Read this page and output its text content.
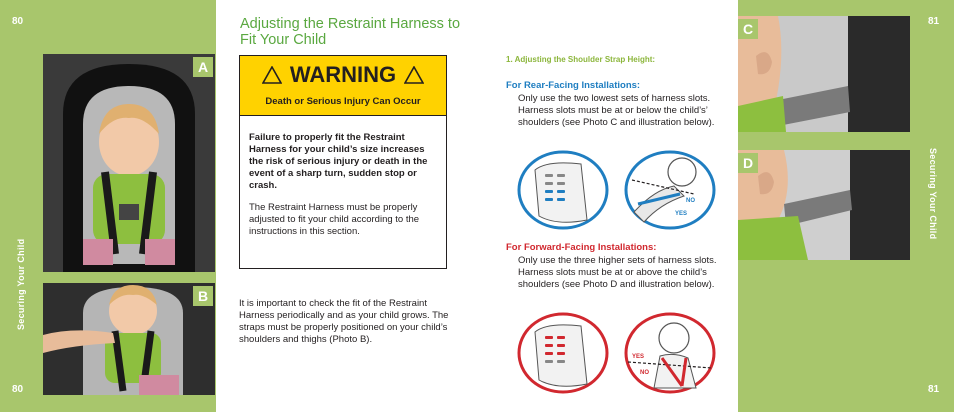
80
80
81
81
Securing Your Child
Securing Your Child
A
B
Adjusting the Restraint Harness to Fit Your Child
WARNING
Death or Serious Injury Can Occur

Failure to properly fit the Restraint Harness for your child’s size increases the risk of serious injury or death in the event of a sharp turn, sudden stop or crash.

The Restraint Harness must be properly adjusted to fit your child according to the instructions in this section.

It is important to check the fit of the Restraint Harness periodically and as your child grows. The straps must be properly positioned on your child’s shoulders and thighs (Photo B).
1. Adjusting the Shoulder Strap Height:
For Rear-Facing Installations:
Only use the two lowest sets of harness slots. Harness slots must be at or below the child’s’ shoulders (see Photo C and illustration below).
NO
YES
For Forward-Facing Installations:
Only use the three higher sets of harness slots. Harness slots must be at or above the child’s shoulders (see Photo D and illustration below).
YES
NO
C
D
